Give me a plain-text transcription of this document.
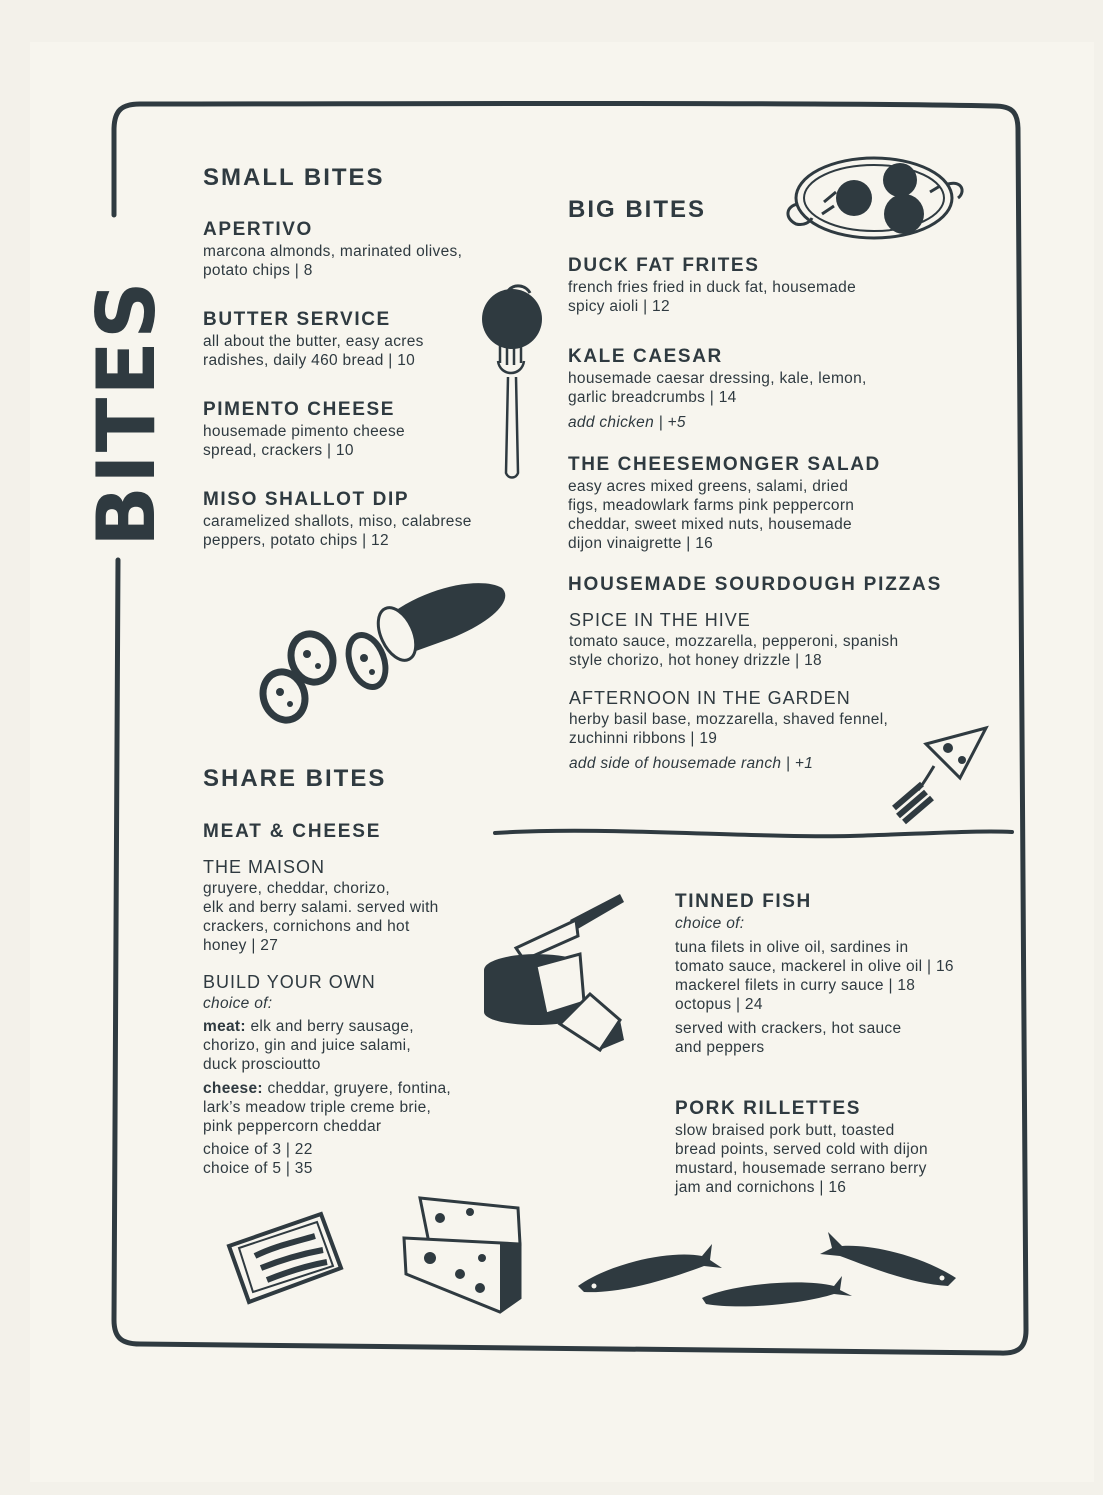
BITES
SMALL BITES
APERTIVO
marcona almonds, marinated olives,
potato chips | 8
BUTTER SERVICE
all about the butter, easy acres
radishes, daily 460 bread | 10
PIMENTO CHEESE
housemade pimento cheese
spread, crackers | 10
MISO SHALLOT DIP
caramelized shallots, miso, calabrese
peppers, potato chips | 12
BIG BITES
DUCK FAT FRITES
french fries fried in duck fat, housemade
spicy aioli | 12
KALE CAESAR
housemade caesar dressing, kale, lemon,
garlic breadcrumbs | 14
add chicken | +5
THE CHEESEMONGER SALAD
easy acres mixed greens, salami, dried
figs, meadowlark farms pink peppercorn
cheddar, sweet mixed nuts, housemade
dijon vinaigrette | 16
HOUSEMADE SOURDOUGH PIZZAS
SPICE IN THE HIVE
tomato sauce, mozzarella, pepperoni, spanish
style chorizo, hot honey drizzle | 18
AFTERNOON IN THE GARDEN
herby basil base, mozzarella, shaved fennel,
zuchinni ribbons | 19
add side of housemade ranch | +1
SHARE BITES
MEAT & CHEESE
THE MAISON
gruyere, cheddar, chorizo,
elk and berry salami. served with
crackers, cornichons and hot
honey | 27
BUILD YOUR OWN
choice of:
meat: elk and berry sausage,
chorizo, gin and juice salami,
duck proscioutto
cheese: cheddar, gruyere, fontina,
lark’s meadow triple creme brie,
pink peppercorn cheddar
choice of 3 | 22
choice of 5 | 35
TINNED FISH
choice of:
tuna filets in olive oil, sardines in
tomato sauce, mackerel in olive oil | 16
mackerel filets in curry sauce | 18
octopus | 24
served with crackers, hot sauce
and peppers
PORK RILLETTES
slow braised pork butt, toasted
bread points, served cold with dijon
mustard, housemade serrano berry
jam and cornichons | 16
